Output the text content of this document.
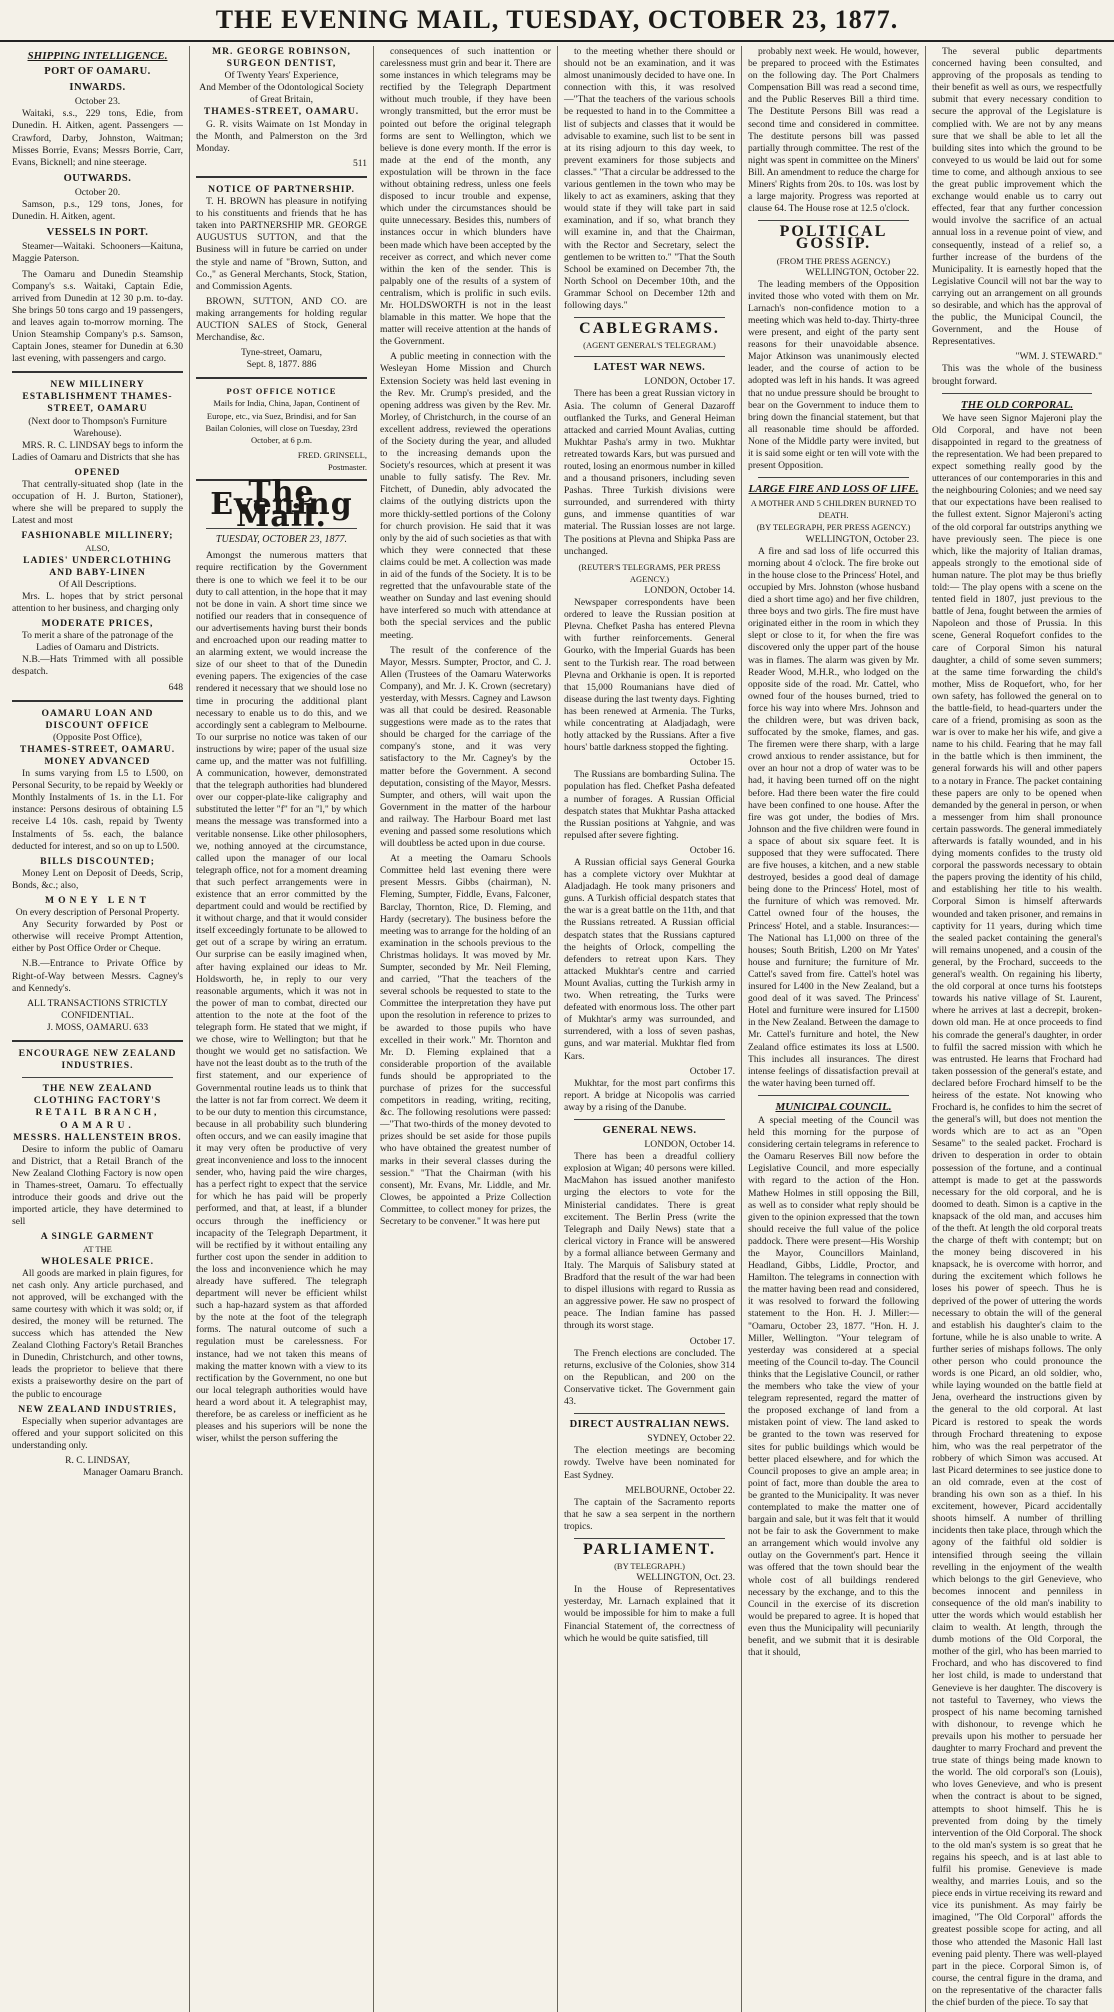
THE EVENING MAIL, TUESDAY, OCTOBER 23, 1877.
SHIPPING INTELLIGENCE.
PORT OF OAMARU.
INWARDS.
October 23.
Waitaki, s.s., 229 tons, Edie, from Dunedin. H. Aitken, agent. Passengers — Crawford, Darby, Johnston, Waitman; Misses Borrie, Evans; Messrs Borrie, Carr, Evans, Bicknell; and nine steerage.
OUTWARDS.
October 20.
Samson, p.s., 129 tons, Jones, for Dunedin. H. Aitken, agent.
VESSELS IN PORT.
Steamer—Waitaki. Schooners—Kaituna, Maggie Paterson.
The Oamaru and Dunedin Steamship Company's s.s. Waitaki, Captain Edie, arrived from Dunedin at 12 30 p.m. to-day. She brings 50 tons cargo and 19 passengers, and leaves again to-morrow morning. The Union Steamship Company's p.s. Samson, Captain Jones, steamer for Dunedin at 6.30 last evening, with passengers and cargo.
NEW MILLINERY ESTABLISHMENT THAMES-STREET, OAMARU
(Next door to Thompson's Furniture Warehouse).
MRS. R. C. LINDSAY begs to inform the Ladies of Oamaru and Districts that she has
OPENED
That centrally-situated shop (late in the occupation of H. J. Burton, Stationer), where she will be prepared to supply the Latest and most
FASHIONABLE MILLINERY;
ALSO,
LADIES' UNDERCLOTHING AND BABY-LINEN
Of All Descriptions.
Mrs. L. hopes that by strict personal attention to her business, and charging only
MODERATE PRICES,
To merit a share of the patronage of the Ladies of Oamaru and Districts.
N.B.—Hats Trimmed with all possible despatch.
648
OAMARU LOAN AND DISCOUNT OFFICE
(Opposite Post Office),
THAMES-STREET, OAMARU.
MONEY ADVANCED
In sums varying from L5 to L500, on Personal Security, to be repaid by Weekly or Monthly Instalments of 1s. in the L1. For instance: Persons desirous of obtaining L5 receive L4 10s. cash, repaid by Twenty Instalments of 5s. each, the balance deducted for interest, and so on up to L500.
BILLS DISCOUNTED;
Money Lent on Deposit of Deeds, Scrip, Bonds, &c.; also,
MONEY LENT
On every description of Personal Property.
Any Security forwarded by Post or otherwise will receive Prompt Attention, either by Post Office Order or Cheque.
N.B.—Entrance to Private Office by Right-of-Way between Messrs. Cagney's and Kennedy's.
ALL TRANSACTIONS STRICTLY CONFIDENTIAL.
J. MOSS, OAMARU. 633
ENCOURAGE NEW ZEALAND INDUSTRIES.
THE NEW ZEALAND CLOTHING FACTORY'S
RETAIL BRANCH,
OAMARU.
MESSRS. HALLENSTEIN BROS.
Desire to inform the public of Oamaru and District, that a Retail Branch of the New Zealand Clothing Factory is now open in Thames-street, Oamaru. To effectually introduce their goods and drive out the imported article, they have determined to sell
A SINGLE GARMENT
AT THE
WHOLESALE PRICE.
All goods are marked in plain figures, for net cash only. Any article purchased, and not approved, will be exchanged with the same courtesy with which it was sold; or, if desired, the money will be returned. The success which has attended the New Zealand Clothing Factory's Retail Branches in Dunedin, Christchurch, and other towns, leads the proprietor to believe that there exists a praiseworthy desire on the part of the public to encourage
NEW ZEALAND INDUSTRIES,
Especially when superior advantages are offered and your support solicited on this understanding only.
R. C. LINDSAY,
Manager Oamaru Branch.
MR. GEORGE ROBINSON,
SURGEON DENTIST,
Of Twenty Years' Experience,
And Member of the Odontological Society of Great Britain,
THAMES-STREET, OAMARU.
G. R. visits Waimate on 1st Monday in the Month, and Palmerston on the 3rd Monday.
511
NOTICE OF PARTNERSHIP.
T. H. BROWN has pleasure in notifying to his constituents and friends that he has taken into PARTNERSHIP MR. GEORGE AUGUSTUS SUTTON, and that the Business will in future be carried on under the style and name of "Brown, Sutton, and Co.," as General Merchants, Stock, Station, and Commission Agents.
BROWN, SUTTON, AND CO. are making arrangements for holding regular AUCTION SALES of Stock, General Merchandise, &c.
Tyne-street, Oamaru,
Sept. 8, 1877. 886
POST OFFICE NOTICE
Mails for India, China, Japan, Continent of Europe, etc., via Suez, Brindisi, and for San Bailan Colonies, will close on Tuesday, 23rd October, at 6 p.m.
FRED. GRINSELL,
Postmaster.
The Evening Mail.
TUESDAY, OCTOBER 23, 1877.
Amongst the numerous matters that require rectification by the Government there is one to which we feel it to be our duty to call attention, in the hope that it may not be done in vain. A short time since we notified our readers that in consequence of our advertisements having burst their bonds and encroached upon our reading matter to an alarming extent, we would increase the size of our sheet to that of the Dunedin evening papers. The exigencies of the case rendered it necessary that we should lose no time in procuring the additional plant necessary to enable us to do this, and we accordingly sent a cablegram to Melbourne. To our surprise no notice was taken of our instructions by wire; paper of the usual size came up, and the matter was not fulfilling. A communication, however, demonstrated that the telegraph authorities had blundered over our copper-plate-like caligraphy and substituted the letter "f" for an "l," by which means the message was transformed into a veritable nonsense. Like other philosophers, we, nothing annoyed at the circumstance, called upon the manager of our local telegraph office, not for a moment dreaming that such perfect arrangements were in existence that an error committed by the department could and would be rectified by it without charge, and that it would consider itself exceedingly fortunate to be allowed to get out of a scrape by wiring an erratum. Our surprise can be easily imagined when, after having explained our ideas to Mr. Holdsworth, he, in reply to our very reasonable arguments, which it was not in the power of man to combat, directed our attention to the note at the foot of the telegraph form. He stated that we might, if we chose, wire to Wellington; but that he thought we would get no satisfaction. We have not the least doubt as to the truth of the first statement, and our experience of Governmental routine leads us to think that the latter is not far from correct. We deem it to be our duty to mention this circumstance, because in all probability such blundering often occurs, and we can easily imagine that it may very often be productive of very great inconvenience and loss to the innocent sender, who, having paid the wire charges, has a perfect right to expect that the service for which he has paid will be properly performed, and that, at least, if a blunder occurs through the inefficiency or incapacity of the Telegraph Department, it will be rectified by it without entailing any further cost upon the sender in addition to the loss and inconvenience which he may already have suffered. The telegraph department will never be efficient whilst such a hap-hazard system as that afforded by the note at the foot of the telegraph forms. The natural outcome of such a regulation must be carelessness. For instance, had we not taken this means of making the matter known with a view to its rectification by the Government, no one but our local telegraph authorities would have heard a word about it. A telegraphist may, therefore, be as careless or inefficient as he pleases and his superiors will be none the wiser, whilst the person suffering the
consequences of such inattention or carelessness must grin and bear it. There are some instances in which telegrams may be rectified by the Telegraph Department without much trouble, if they have been wrongly transmitted, but the error must be pointed out before the original telegraph forms are sent to Wellington, which we believe is done every month. If the error is made at the end of the month, any expostulation will be thrown in the face without obtaining redress, unless one feels disposed to incur trouble and expense, which under the circumstances should be quite unnecessary. Besides this, numbers of instances occur in which blunders have been made which have been accepted by the receiver as correct, and which never come within the ken of the sender. This is palpably one of the results of a system of centralism, which is prolific in such evils. Mr. HOLDSWORTH is not in the least blamable in this matter. We hope that the matter will receive attention at the hands of the Government.
A public meeting in connection with the Wesleyan Home Mission and Church Extension Society was held last evening in the Rev. Mr. Crump's presided, and the opening address was given by the Rev. Mr. Morley, of Christchurch, in the course of an excellent address, reviewed the operations of the Society during the year, and alluded to the increasing demands upon the Society's resources, which at present it was unable to fully satisfy. The Rev. Mr. Fitchett, of Dunedin, ably advocated the claims of the outlying districts upon the more thickly-settled portions of the Colony for church provision. He said that it was only by the aid of such societies as that with which they were connected that these claims could be met. A collection was made in aid of the funds of the Society. It is to be regretted that the unfavourable state of the weather on Sunday and last evening should have interfered so much with attendance at both the special services and the public meeting.
The result of the conference of the Mayor, Messrs. Sumpter, Proctor, and C. J. Allen (Trustees of the Oamaru Waterworks Company), and Mr. J. K. Crown (secretary) yesterday, with Messrs. Cagney and Lawson was all that could be desired. Reasonable suggestions were made as to the rates that should be charged for the carriage of the company's stone, and it was very satisfactory to the Mr. Cagney's by the matter before the Government. A second deputation, consisting of the Mayor, Messrs. Sumpter, and others, will wait upon the Government in the matter of the harbour and railway. The Harbour Board met last evening and passed some resolutions which will doubtless be acted upon in due course.
At a meeting the Oamaru Schools Committee held last evening there were present Messrs. Gibbs (chairman), N. Fleming, Sumpter, Fiddle, Evans, Falconer, Barclay, Thornton, Rice, D. Fleming, and Hardy (secretary). The business before the meeting was to arrange for the holding of an examination in the schools previous to the Christmas holidays. It was moved by Mr. Sumpter, seconded by Mr. Neil Fleming, and carried, "That the teachers of the several schools be requested to state to the Committee the interpretation they have put upon the resolution in reference to prizes to be awarded to those pupils who have excelled in their work." Mr. Thornton and Mr. D. Fleming explained that a considerable proportion of the available funds should be appropriated to the purchase of prizes for the successful competitors in reading, writing, reciting, &c. The following resolutions were passed:—"That two-thirds of the money devoted to prizes should be set aside for those pupils who have obtained the greatest number of marks in their several classes during the session." "That the Chairman (with his consent), Mr. Evans, Mr. Liddle, and Mr. Clowes, be appointed a Prize Collection Committee, to collect money for prizes, the Secretary to be convener." It was here put
to the meeting whether there should or should not be an examination, and it was almost unanimously decided to have one. In connection with this, it was resolved—"That the teachers of the various schools be requested to hand in to the Committee a list of subjects and classes that it would be advisable to examine, such list to be sent in at its rising adjourn to this day week, to prevent examiners for those subjects and classes." "That a circular be addressed to the various gentlemen in the town who may be likely to act as examiners, asking that they would state if they will take part in said examination, and if so, what branch they will examine in, and that the Chairman, with the Rector and Secretary, select the gentlemen to be written to." "That the South School be examined on December 7th, the North School on December 10th, and the Grammar School on December 12th and following days."
CABLEGRAMS.
(AGENT GENERAL'S TELEGRAM.)
LATEST WAR NEWS.
LONDON, October 17.
There has been a great Russian victory in Asia. The column of General Dazaroff outflanked the Turks, and General Heiman attacked and carried Mount Avalias, cutting Mukhtar Pasha's army in two. Mukhtar retreated towards Kars, but was pursued and routed, losing an enormous number in killed and a thousand prisoners, including seven Pashas. Three Turkish divisions were surrounded, and surrendered with thirty guns, and immense quantities of war material. The Russian losses are not large. The positions at Plevna and Shipka Pass are unchanged.
(REUTER'S TELEGRAMS, PER PRESS AGENCY.)
LONDON, October 14.
Newspaper correspondents have been ordered to leave the Russian position at Plevna. Chefket Pasha has entered Plevna with further reinforcements. General Gourko, with the Imperial Guards has been sent to the Turkish rear. The road between Plevna and Orkhanie is open. It is reported that 15,000 Roumanians have died of disease during the last twenty days. Fighting has been renewed at Armenia. The Turks, while concentrating at Aladjadagh, were hotly attacked by the Russians. After a five hours' battle darkness stopped the fighting.
October 15.
The Russians are bombarding Sulina. The population has fled. Chefket Pasha defeated a number of forages. A Russian Official despatch states that Mukhtar Pasha attacked the Russian positions at Yahgnie, and was repulsed after severe fighting.
October 16.
A Russian official says General Gourka has a complete victory over Mukhtar at Aladjadagh. He took many prisoners and guns. A Turkish official despatch states that the war is a great battle on the 11th, and that the Russians retreated. A Russian official despatch states that the Russians captured the heights of Orlock, compelling the defenders to retreat upon Kars. They attacked Mukhtar's centre and carried Mount Avalias, cutting the Turkish army in two. When retreating, the Turks were defeated with enormous loss. The other part of Mukhtar's army was surrounded, and surrendered, with a loss of seven pashas, guns, and war material. Mukhtar fled from Kars.
October 17.
Mukhtar, for the most part confirms this report. A bridge at Nicopolis was carried away by a rising of the Danube.
GENERAL NEWS.
LONDON, October 14.
There has been a dreadful colliery explosion at Wigan; 40 persons were killed. MacMahon has issued another manifesto urging the electors to vote for the Ministerial candidates. There is great excitement. The Berlin Press (write the Telegraph and Daily News) state that a clerical victory in France will be answered by a formal alliance between Germany and Italy. The Marquis of Salisbury stated at Bradford that the result of the war had been to dispel illusions with regard to Russia as an aggressive power. He saw no prospect of peace. The Indian famine has passed through its worst stage.
October 17.
The French elections are concluded. The returns, exclusive of the Colonies, show 314 on the Republican, and 200 on the Conservative ticket. The Government gain 43.
DIRECT AUSTRALIAN NEWS.
SYDNEY, October 22.
The election meetings are becoming rowdy. Twelve have been nominated for East Sydney.
MELBOURNE, October 22.
The captain of the Sacramento reports that he saw a sea serpent in the northern tropics.
PARLIAMENT.
(BY TELEGRAPH.)
WELLINGTON, Oct. 23.
In the House of Representatives yesterday, Mr. Larnach explained that it would be impossible for him to make a full Financial Statement of, the correctness of which he would be quite satisfied, till
probably next week. He would, however, be prepared to proceed with the Estimates on the following day. The Port Chalmers Compensation Bill was read a second time, and the Public Reserves Bill a third time. The Destitute Persons Bill was read a second time and considered in committee. The destitute persons bill was passed partially through committee. The rest of the night was spent in committee on the Miners' Bill. An amendment to reduce the charge for Miners' Rights from 20s. to 10s. was lost by a large majority. Progress was reported at clause 64. The House rose at 12.5 o'clock.
POLITICAL GOSSIP.
(FROM THE PRESS AGENCY.)
WELLINGTON, October 22.
The leading members of the Opposition invited those who voted with them on Mr. Larnach's non-confidence motion to a meeting which was held to-day. Thirty-three were present, and eight of the party sent reasons for their unavoidable absence. Major Atkinson was unanimously elected leader, and the course of action to be adopted was left in his hands. It was agreed that no undue pressure should be brought to bear on the Government to induce them to bring down the financial statement, but that all reasonable time should be afforded. None of the Middle party were invited, but it is said some eight or ten will vote with the present Opposition.
LARGE FIRE AND LOSS OF LIFE.
A MOTHER AND 5 CHILDREN BURNED TO DEATH.
(BY TELEGRAPH, PER PRESS AGENCY.)
WELLINGTON, October 23.
A fire and sad loss of life occurred this morning about 4 o'clock. The fire broke out in the house close to the Princess' Hotel, and occupied by Mrs. Johnston (whose husband died a short time ago) and her five children, three boys and two girls. The fire must have originated either in the room in which they slept or close to it, for when the fire was discovered only the upper part of the house was in flames. The alarm was given by Mr. Reader Wood, M.H.R., who lodged on the opposite side of the road. Mr. Cattel, who owned four of the houses burned, tried to force his way into where Mrs. Johnson and the children were, but was driven back, suffocated by the smoke, flames, and gas. The firemen were there sharp, with a large crowd anxious to render assistance, but for over an hour not a drop of water was to be had, it having been turned off on the night before. Had there been water the fire could have been confined to one house. After the fire was got under, the bodies of Mrs. Johnson and the five children were found in a space of about six square feet. It is supposed that they were suffocated. There are five houses, a kitchen, and a new stable destroyed, besides a good deal of damage being done to the Princess' Hotel, most of the furniture of which was removed. Mr. Cattel owned four of the houses, the Princess' Hotel, and a stable. Insurances:—The National has L1,000 on three of the houses; South British, L200 on Mr Yates' house and furniture; the furniture of Mr. Cattel's saved from fire. Cattel's hotel was insured for L400 in the New Zealand, but a good deal of it was saved. The Princess' Hotel and furniture were insured for L1500 in the New Zealand. Between the damage to Mr. Cattel's furniture and hotel, the New Zealand office estimates its loss at L500. This includes all insurances. The direst intense feelings of dissatisfaction prevail at the water having been turned off.
MUNICIPAL COUNCIL.
A special meeting of the Council was held this morning for the purpose of considering certain telegrams in reference to the Oamaru Reserves Bill now before the Legislative Council, and more especially with regard to the action of the Hon. Mathew Holmes in still opposing the Bill, as well as to consider what reply should be given to the opinion expressed that the town should receive the full value of the police paddock. There were present—His Worship the Mayor, Councillors Mainland, Headland, Gibbs, Liddle, Proctor, and Hamilton. The telegrams in connection with the matter having been read and considered, it was resolved to forward the following statement to the Hon. H. J. Miller:— "Oamaru, October 23, 1877. "Hon. H. J. Miller, Wellington. "Your telegram of yesterday was considered at a special meeting of the Council to-day. The Council thinks that the Legislative Council, or rather the members who take the view of your telegram represented, regard the matter of the proposed exchange of land from a mistaken point of view. The land asked to be granted to the town was reserved for sites for public buildings which would be better placed elsewhere, and for which the Council proposes to give an ample area; in point of fact, more than double the area to be granted to the Municipality. It was never contemplated to make the matter one of bargain and sale, but it was felt that it would not be fair to ask the Government to make an arrangement which would involve any outlay on the Government's part. Hence it was offered that the town should bear the whole cost of all buildings rendered necessary by the exchange, and to this the Council in the exercise of its discretion would be prepared to agree. It is hoped that even thus the Municipality will pecuniarily benefit, and we submit that it is desirable that it should,
The several public departments concerned having been consulted, and approving of the proposals as tending to their benefit as well as ours, we respectfully submit that every necessary condition to secure the approval of the Legislature is complied with. We are not by any means sure that we shall be able to let all the building sites into which the ground to be conveyed to us would be laid out for some time to come, and although anxious to see the great public improvement which the exchange would enable us to carry out effected, fear that any further concession would involve the sacrifice of an actual annual loss in a revenue point of view, and consequently, instead of a relief so, a further increase of the burdens of the Municipality. It is earnestly hoped that the Legislative Council will not bar the way to carrying out an arrangement on all grounds so desirable, and which has the approval of the public, the Municipal Council, the Government, and the House of Representatives.
"WM. J. STEWARD."
This was the whole of the business brought forward.
THE OLD CORPORAL.
We have seen Signor Majeroni play the Old Corporal, and have not been disappointed in regard to the greatness of the representation. We had been prepared to expect something really good by the utterances of our contemporaries in this and the neighbouring Colonies; and we need say that our expectations have been realised to the fullest extent. Signor Majeroni's acting of the old corporal far outstrips anything we have previously seen. The piece is one which, like the majority of Italian dramas, appeals strongly to the emotional side of human nature. The plot may be thus briefly told:— The play opens with a scene on the tented field in 1807, just previous to the battle of Jena, fought between the armies of Napoleon and those of Prussia. In this scene, General Roquefort confides to the care of Corporal Simon his natural daughter, a child of some seven summers; at the same time forwarding the child's mother, Miss de Roquefort, who, for her own safety, has followed the general on to the battle-field, to head-quarters under the care of a friend, promising as soon as the war is over to make her his wife, and give a name to his child. Fearing that he may fall in the battle which is then imminent, the general forwards his will and other papers to a notary in France. The packet containing these papers are only to be opened when demanded by the general in person, or when a messenger from him shall pronounce certain passwords. The general immediately afterwards is fatally wounded, and in his dying moments confides to the trusty old corporal the passwords necessary to obtain the papers proving the identity of his child, and establishing her title to his wealth. Corporal Simon is himself afterwards wounded and taken prisoner, and remains in captivity for 11 years, during which time the sealed packet containing the general's will remains unopened, and a cousin of the general, by the Frochard, succeeds to the general's wealth. On regaining his liberty, the old corporal at once turns his footsteps towards his native village of St. Laurent, where he arrives at last a decrepit, broken-down old man. He at once proceeds to find his comrade the general's daughter, in order to fulfil the sacred mission with which he was entrusted. He learns that Frochard had taken possession of the general's estate, and declared before Frochard himself to be the heiress of the estate. Not knowing who Frochard is, he confides to him the secret of the general's will, but does not mention the words which are to act as an "Open Sesame" to the sealed packet. Frochard is driven to desperation in order to obtain possession of the fortune, and a continual attempt is made to get at the passwords necessary for the old corporal, and he is doomed to death. Simon is a captive in the knapsack of the old man, and accuses him of the theft. At length the old corporal treats the charge of theft with contempt; but on the money being discovered in his knapsack, he is overcome with horror, and during the excitement which follows he loses his power of speech. Thus he is deprived of the power of uttering the words necessary to obtain the will of the general and establish his daughter's claim to the fortune, while he is also unable to write. A further series of mishaps follows. The only other person who could pronounce the words is one Picard, an old soldier, who, while laying wounded on the battle field at Jena, overheard the instructions given by the general to the old corporal. At last Picard is restored to speak the words through Frochard threatening to expose him, who was the real perpetrator of the robbery of which Simon was accused. At last Picard determines to see justice done to an old comrade, even at the cost of branding his own son as a thief. In his excitement, however, Picard accidentally shoots himself. A number of thrilling incidents then take place, through which the agony of the faithful old soldier is intensified through seeing the villain revelling in the enjoyment of the wealth which belongs to the girl Genevieve, who becomes innocent and penniless in consequence of the old man's inability to utter the words which would establish her claim to wealth. At length, through the dumb motions of the Old Corporal, the mother of the girl, who has been married to Frochard, and who has discovered to find her lost child, is made to understand that Genevieve is her daughter. The discovery is not tasteful to Taverney, who views the prospect of his name becoming tarnished with dishonour, to revenge which he prevails upon his mother to persuade her daughter to marry Frochard and prevent the true state of things being made known to the world. The old corporal's son (Louis), who loves Genevieve, and who is present when the contract is about to be signed, attempts to shoot himself. This he is prevented from doing by the timely intervention of the Old Corporal. The shock to the old man's system is so great that he regains his speech, and is at last able to fulfil his promise. Genevieve is made wealthy, and marries Louis, and so the piece ends in virtue receiving its reward and vice its punishment. As may fairly be imagined, "The Old Corporal" affords the greatest possible scope for acting, and all those who attended the Masonic Hall last evening paid plenty. There was well-played part in the piece. Corporal Simon is, of course, the central figure in the drama, and on the representative of the character falls the chief burden of the piece. To say that
